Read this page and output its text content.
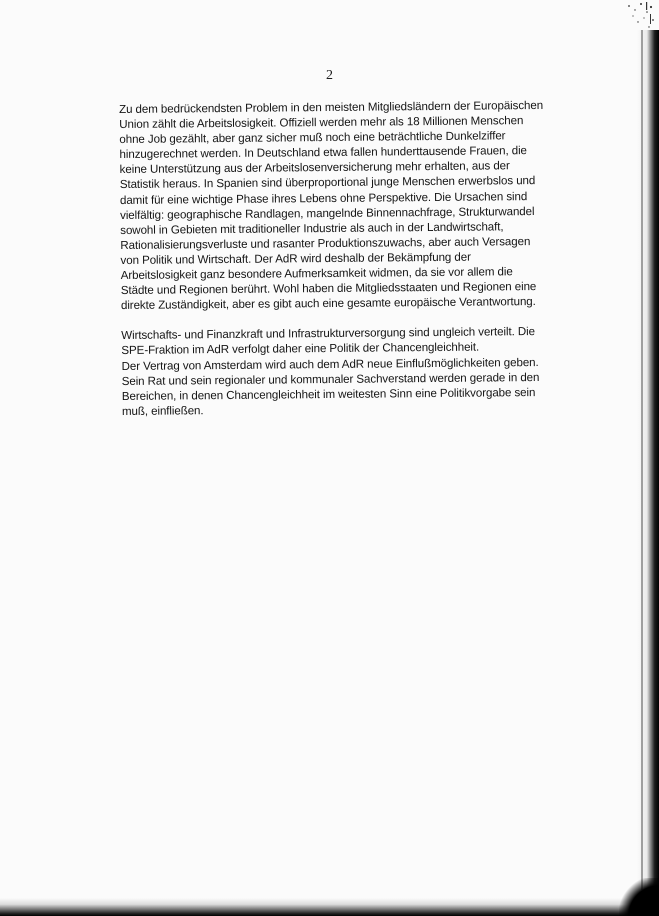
2

Zu dem bedrückendsten Problem in den meisten Mitgliedsländern der Europäischen
Union zählt die Arbeitslosigkeit. Offiziell werden mehr als 18 Millionen Menschen
ohne Job gezählt, aber ganz sicher muß noch eine beträchtliche Dunkelziffer
hinzugerechnet werden. In Deutschland etwa fallen hunderttausende Frauen, die
keine Unterstützung aus der Arbeitslosenversicherung mehr erhalten, aus der
Statistik heraus. In Spanien sind überproportional junge Menschen erwerbslos und
damit für eine wichtige Phase ihres Lebens ohne Perspektive. Die Ursachen sind
vielfältig: geographische Randlagen, mangelnde Binnennachfrage, Strukturwandel
sowohl in Gebieten mit traditioneller Industrie als auch in der Landwirtschaft,
Rationalisierungsverluste und rasanter Produktionszuwachs, aber auch Versagen
von Politik und Wirtschaft. Der AdR wird deshalb der Bekämpfung der
Arbeitslosigkeit ganz besondere Aufmerksamkeit widmen, da sie vor allem die
Städte und Regionen berührt. Wohl haben die Mitgliedsstaaten und Regionen eine
direkte Zuständigkeit, aber es gibt auch eine gesamte europäische Verantwortung.

Wirtschafts- und Finanzkraft und Infrastrukturversorgung sind ungleich verteilt. Die
SPE-Fraktion im AdR verfolgt daher eine Politik der Chancengleichheit.
Der Vertrag von Amsterdam wird auch dem AdR neue Einflußmöglichkeiten geben.
Sein Rat und sein regionaler und kommunaler Sachverstand werden gerade in den
Bereichen, in denen Chancengleichheit im weitesten Sinn eine Politikvorgabe sein
muß, einfließen.
